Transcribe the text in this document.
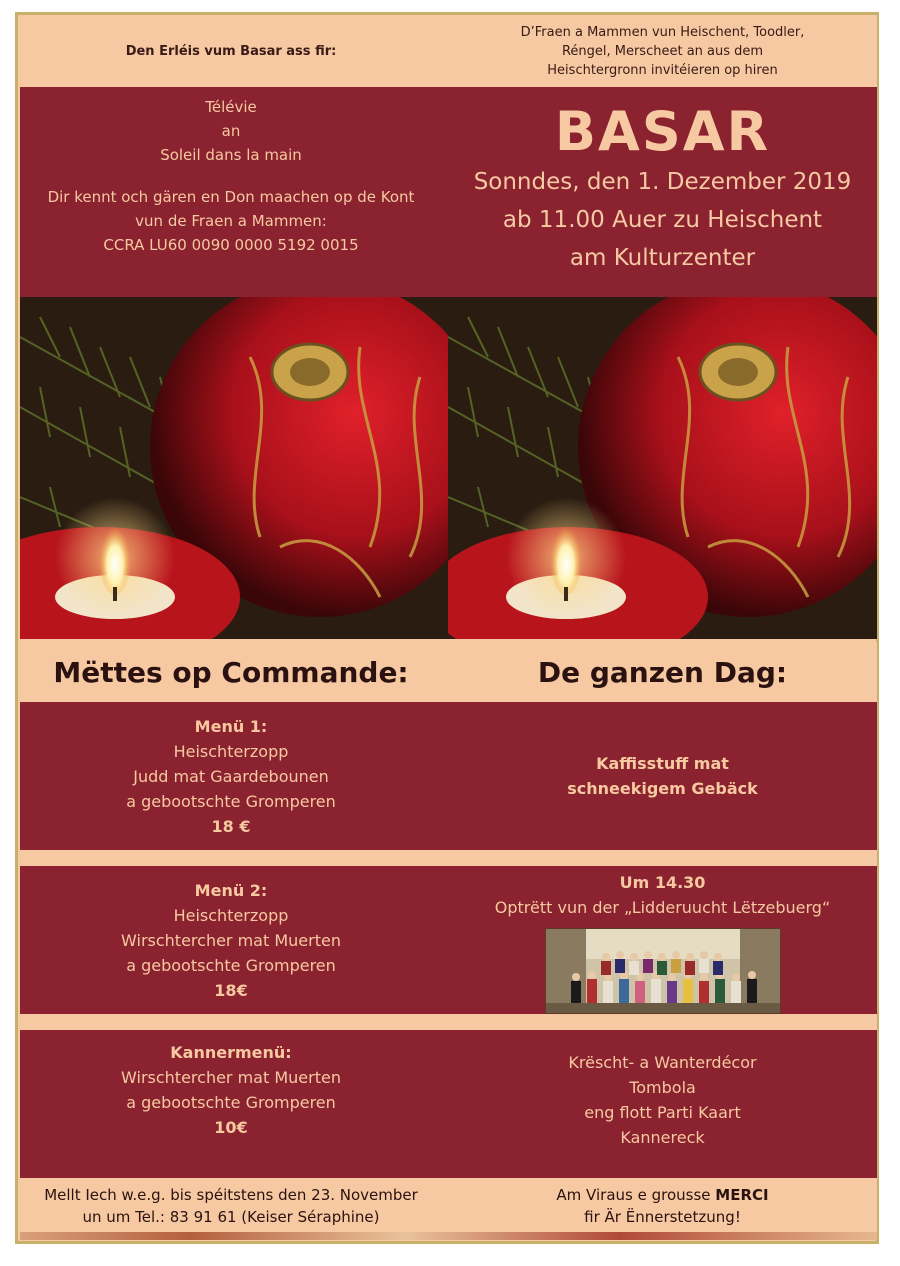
Den Erléis vum Basar ass fir:
D’Fraen a Mammen vun Heischent, Toodler,
Réngel, Merscheet an aus dem
Heischtergronn invitéieren op hiren
Télévie
an
Soleil dans la main
Dir kennt och gären en Don maachen op de Kont
vun de Fraen a Mammen:
CCRA LU60 0090 0000 5192 0015
BASAR
Sonndes, den 1. Dezember 2019
ab 11.00 Auer zu Heischent
am Kulturzenter
Mëttes op Commande:	De ganzen Dag:
Menü 1:
Heischterzopp
Judd mat Gaardebounen
a gebootschte Gromperen
18 €
Kaffisstuff mat
schneekigem Gebäck
Menü 2:
Heischterzopp
Wirschtercher mat Muerten
a gebootschte Gromperen
18€
Um 14.30
Optrëtt vun der „Lidderuucht Lëtzebuerg“
Kannermenü:
Wirschtercher mat Muerten
a gebootschte Gromperen
10€
Krëscht- a Wanterdécor
Tombola
eng flott Parti Kaart
Kannereck
Mellt Iech w.e.g. bis spéitstens den 23. November
un um Tel.: 83 91 61 (Keiser Séraphine)
Am Viraus e grousse MERCI
fir Är Ënnerstetzung!
